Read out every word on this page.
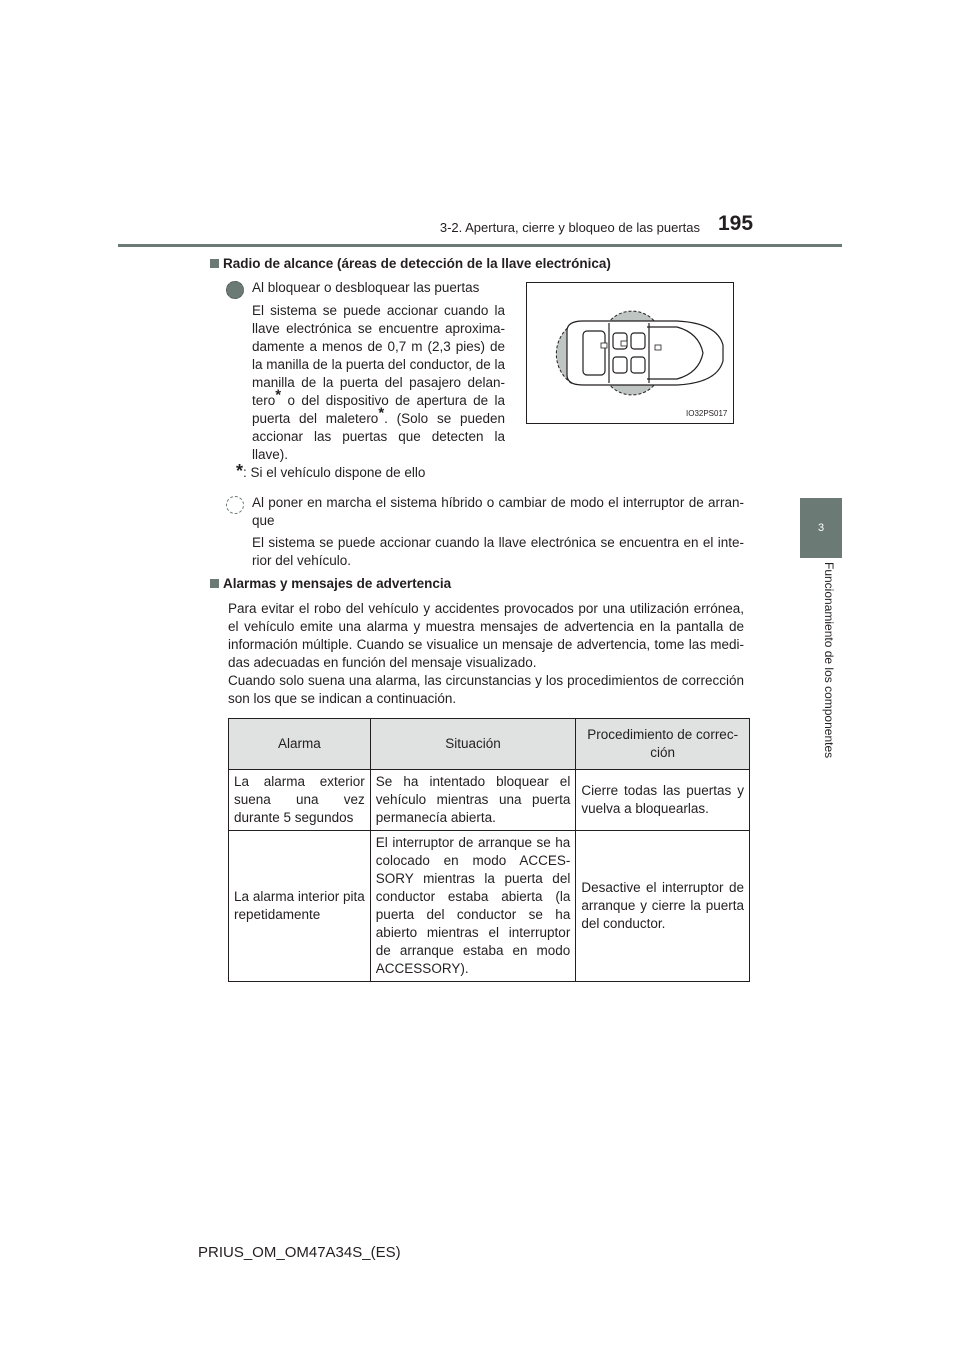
3-2. Apertura, cierre y bloqueo de las puertas 195
3
Funcionamiento de los componentes
Radio de alcance (áreas de detección de la llave electrónica)
Al bloquear o desbloquear las puertas
El sistema se puede accionar cuando la llave electrónica se encuentre aproxima-damente a menos de 0,7 m (2,3 pies) de la manilla de la puerta del conductor, de la manilla de la puerta del pasajero delan-tero* o del dispositivo de apertura de la puerta del maletero*. (Solo se pueden accionar las puertas que detecten la llave).
IO32PS017
*: Si el vehículo dispone de ello
Al poner en marcha el sistema híbrido o cambiar de modo el interruptor de arran-que
El sistema se puede accionar cuando la llave electrónica se encuentra en el inte-rior del vehículo.
Alarmas y mensajes de advertencia
Para evitar el robo del vehículo y accidentes provocados por una utilización errónea, el vehículo emite una alarma y muestra mensajes de advertencia en la pantalla de información múltiple. Cuando se visualice un mensaje de advertencia, tome las medi-das adecuadas en función del mensaje visualizado.
Cuando solo suena una alarma, las circunstancias y los procedimientos de corrección son los que se indican a continuación.
Alarma	Situación	Procedimiento de correc-ción
La alarma exterior suena una vez durante 5 segundos	Se ha intentado bloquear el vehículo mientras una puerta permanecía abierta.	Cierre todas las puertas y vuelva a bloquearlas.
La alarma interior pita repetidamente	El interruptor de arranque se ha colocado en modo ACCES-SORY mientras la puerta del conductor estaba abierta (la puerta del conductor se ha abierto mientras el interruptor de arranque estaba en modo ACCESSORY).	Desactive el interruptor de arranque y cierre la puerta del conductor.
PRIUS_OM_OM47A34S_(ES)
